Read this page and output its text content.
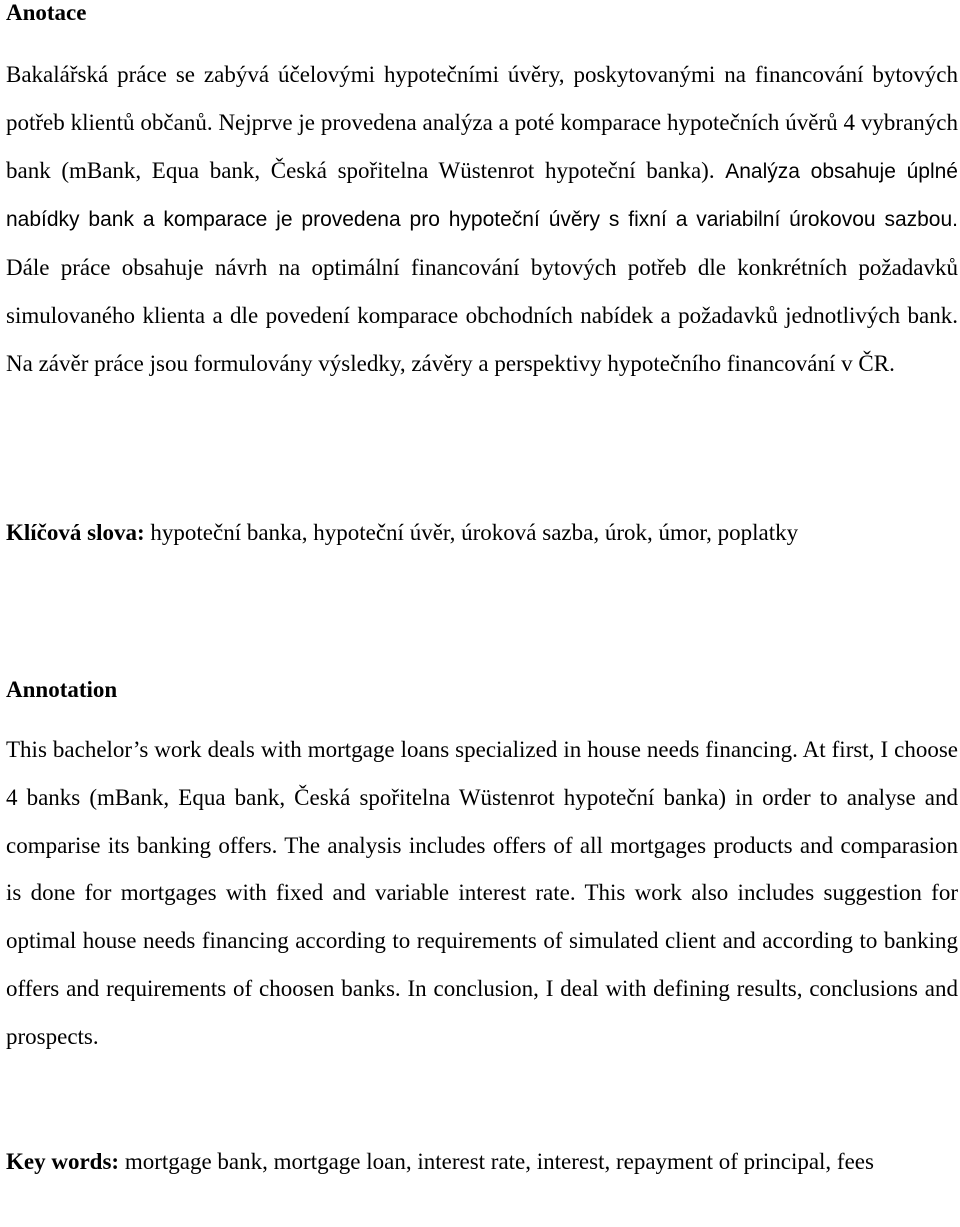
Anotace

Bakalářská práce se zabývá účelovými hypotečními úvěry, poskytovanými na financování bytových potřeb klientů občanů. Nejprve je provedena analýza a poté komparace hypotečních úvěrů 4 vybraných bank (mBank, Equa bank, Česká spořitelna Wüstenrot hypoteční banka). Analýza obsahuje úplné nabídky bank a komparace je provedena pro hypoteční úvěry s fixní a variabilní úrokovou sazbou. Dále práce obsahuje návrh na optimální financování bytových potřeb dle konkrétních požadavků simulovaného klienta a dle povedení komparace obchodních nabídek a požadavků jednotlivých bank. Na závěr práce jsou formulovány výsledky, závěry a perspektivy hypotečního financování v ČR.

Klíčová slova: hypoteční banka, hypoteční úvěr, úroková sazba, úrok, úmor, poplatky

Annotation

This bachelor’s work deals with mortgage loans specialized in house needs financing. At first, I choose 4 banks (mBank, Equa bank, Česká spořitelna Wüstenrot hypoteční banka) in order to analyse and comparise its banking offers. The analysis includes offers of all mortgages products and comparasion is done for mortgages with fixed and variable interest rate. This work also includes suggestion for optimal house needs financing according to requirements of simulated client and according to banking offers and requirements of choosen banks. In conclusion, I deal with defining results, conclusions and prospects.

Key words: mortgage bank, mortgage loan, interest rate, interest, repayment of principal, fees
